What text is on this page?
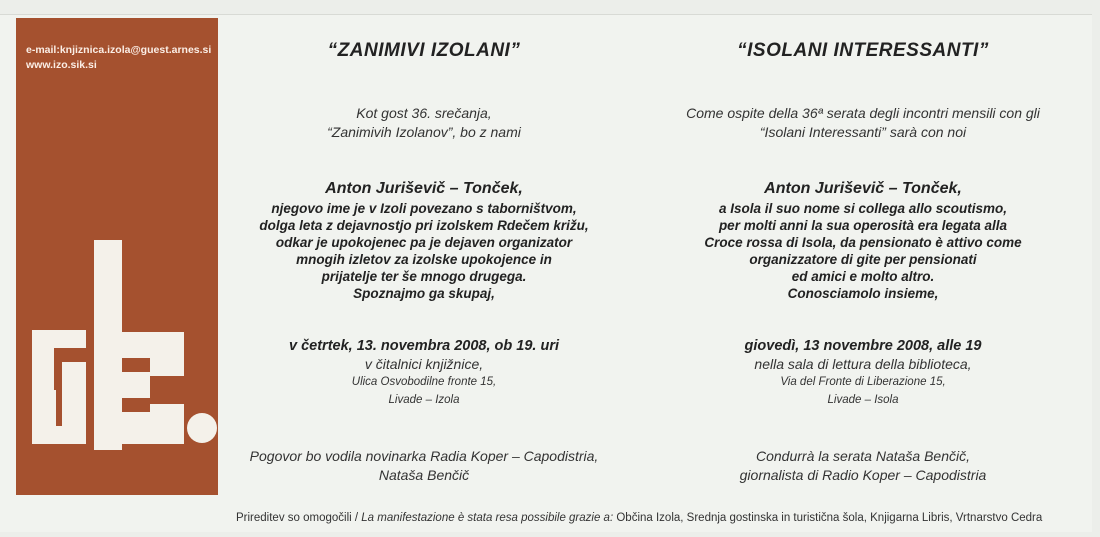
e-mail:knjiznica.izola@guest.arnes.si
www.izo.sik.si
“ZANIMIVI IZOLANI”
Kot gost 36. srečanja,
“Zanimivih Izolanov”, bo z nami
Anton Juriševič – Tonček,
njegovo ime je v Izoli povezano s taborništvom,
dolga leta z dejavnostjo pri izolskem Rdečem križu,
odkar je upokojenec pa je dejaven organizator
mnogih izletov za izolske upokojence in
prijatelje ter še mnogo drugega.
Spoznajmo ga skupaj,
v četrtek, 13. novembra 2008, ob 19. uri
v čitalnici knjižnice,
Ulica Osvobodilne fronte 15,
Livade – Izola
Pogovor bo vodila novinarka Radia Koper – Capodistria,
Nataša Benčič
“ISOLANI INTERESSANTI”
Come ospite della 36ª serata degli incontri mensili con gli
“Isolani Interessanti” sarà con noi
Anton Juriševič – Tonček,
a Isola il suo nome si collega allo scoutismo,
per molti anni la sua operosità era legata alla
Croce rossa di Isola, da pensionato è attivo come
organizzatore di gite per pensionati
ed amici e molto altro.
Conosciamolo insieme,
giovedì, 13 novembre 2008, alle 19
nella sala di lettura della biblioteca,
Via del Fronte di Liberazione 15,
Livade – Isola
Condurrà la serata Nataša Benčič,
giornalista di Radio Koper – Capodistria
Prireditev so omogočili / La manifestazione è stata resa possibile grazie a: Občina Izola, Srednja gostinska in turistična šola, Knjigarna Libris, Vrtnarstvo Cedra
